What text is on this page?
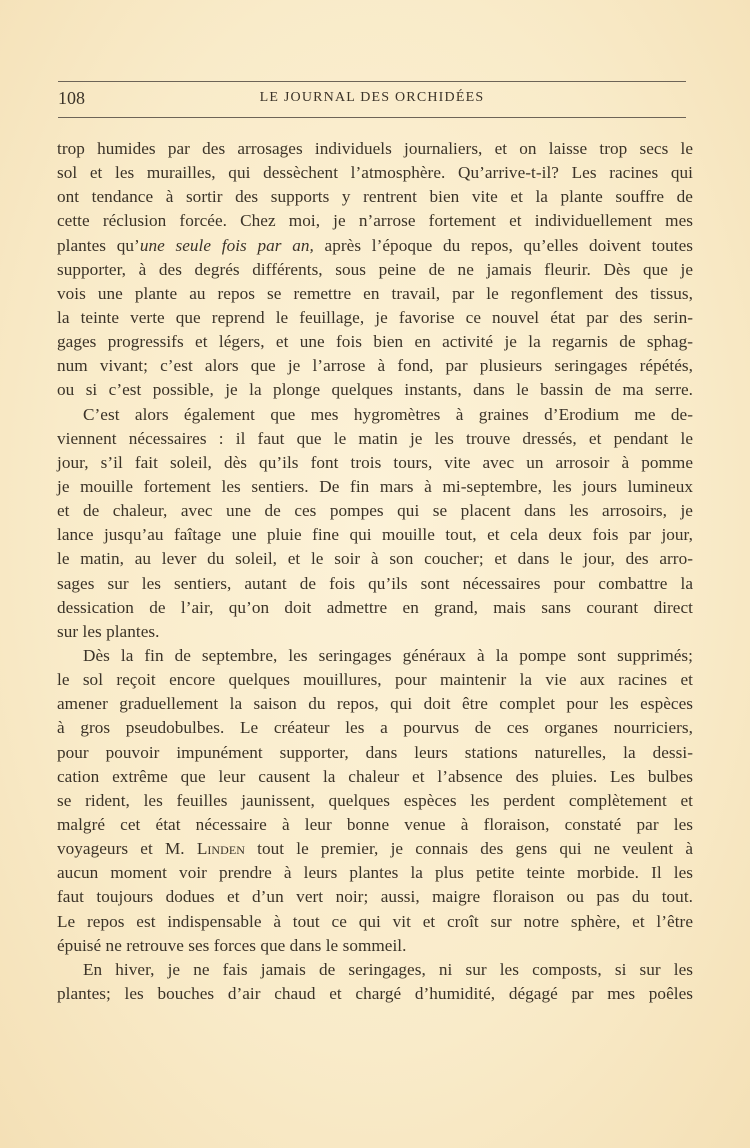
108	LE JOURNAL DES ORCHIDÉES
trop humides par des arrosages individuels journaliers, et on laisse trop secs le
sol et les murailles, qui dessèchent l’atmosphère. Qu’arrive-t-il? Les racines qui
ont tendance à sortir des supports y rentrent bien vite et la plante souffre de
cette réclusion forcée. Chez moi, je n’arrose fortement et individuellement mes
plantes qu’une seule fois par an, après l’époque du repos, qu’elles doivent toutes
supporter, à des degrés différents, sous peine de ne jamais fleurir. Dès que je
vois une plante au repos se remettre en travail, par le regonflement des tissus,
la teinte verte que reprend le feuillage, je favorise ce nouvel état par des serin-
gages progressifs et légers, et une fois bien en activité je la regarnis de sphag-
num vivant; c’est alors que je l’arrose à fond, par plusieurs seringages répétés,
ou si c’est possible, je la plonge quelques instants, dans le bassin de ma serre.
C’est alors également que mes hygromètres à graines d’Erodium me de-
viennent nécessaires : il faut que le matin je les trouve dressés, et pendant le
jour, s’il fait soleil, dès qu’ils font trois tours, vite avec un arrosoir à pomme
je mouille fortement les sentiers. De fin mars à mi-septembre, les jours lumineux
et de chaleur, avec une de ces pompes qui se placent dans les arrosoirs, je
lance jusqu’au faîtage une pluie fine qui mouille tout, et cela deux fois par jour,
le matin, au lever du soleil, et le soir à son coucher; et dans le jour, des arro-
sages sur les sentiers, autant de fois qu’ils sont nécessaires pour combattre la
dessication de l’air, qu’on doit admettre en grand, mais sans courant direct
sur les plantes.
Dès la fin de septembre, les seringages généraux à la pompe sont supprimés;
le sol reçoit encore quelques mouillures, pour maintenir la vie aux racines et
amener graduellement la saison du repos, qui doit être complet pour les espèces
à gros pseudobulbes. Le créateur les a pourvus de ces organes nourriciers,
pour pouvoir impunément supporter, dans leurs stations naturelles, la dessi-
cation extrême que leur causent la chaleur et l’absence des pluies. Les bulbes
se rident, les feuilles jaunissent, quelques espèces les perdent complètement et
malgré cet état nécessaire à leur bonne venue à floraison, constaté par les
voyageurs et M. Linden tout le premier, je connais des gens qui ne veulent à
aucun moment voir prendre à leurs plantes la plus petite teinte morbide. Il les
faut toujours dodues et d’un vert noir; aussi, maigre floraison ou pas du tout.
Le repos est indispensable à tout ce qui vit et croît sur notre sphère, et l’être
épuisé ne retrouve ses forces que dans le sommeil.
En hiver, je ne fais jamais de seringages, ni sur les composts, si sur les
plantes; les bouches d’air chaud et chargé d’humidité, dégagé par mes poêles
